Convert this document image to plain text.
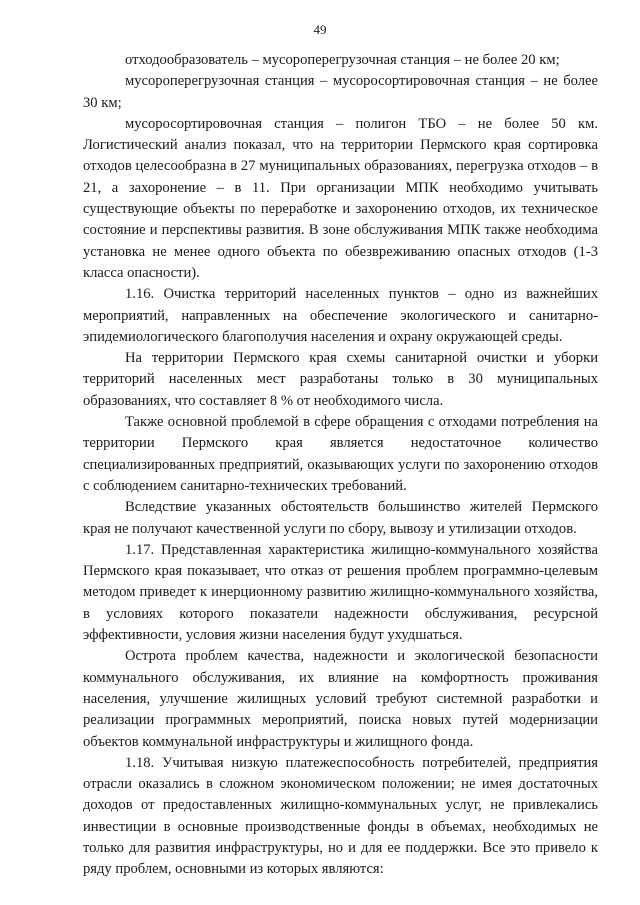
49

отходообразователь – мусороперегрузочная станция – не более 20 км;

мусороперегрузочная станция – мусоросортировочная станция – не более 30 км;

мусоросортировочная станция – полигон ТБО – не более 50 км. Логистический анализ показал, что на территории Пермского края сортировка отходов целесообразна в 27 муниципальных образованиях, перегрузка отходов – в 21, а захоронение – в 11. При организации МПК необходимо учитывать существующие объекты по переработке и захоронению отходов, их техническое состояние и перспективы развития. В зоне обслуживания МПК также необходима установка не менее одного объекта по обезвреживанию опасных отходов (1-3 класса опасности).

1.16. Очистка территорий населенных пунктов – одно из важнейших мероприятий, направленных на обеспечение экологического и санитарно-эпидемиологического благополучия населения и охрану окружающей среды.

На территории Пермского края схемы санитарной очистки и уборки территорий населенных мест разработаны только в 30 муниципальных образованиях, что составляет 8 % от необходимого числа.

Также основной проблемой в сфере обращения с отходами потребления на территории Пермского края является недостаточное количество специализированных предприятий, оказывающих услуги по захоронению отходов с соблюдением санитарно-технических требований.

Вследствие указанных обстоятельств большинство жителей Пермского края не получают качественной услуги по сбору, вывозу и утилизации отходов.

1.17. Представленная характеристика жилищно-коммунального хозяйства Пермского края показывает, что отказ от решения проблем программно-целевым методом приведет к инерционному развитию жилищно-коммунального хозяйства, в условиях которого показатели надежности обслуживания, ресурсной эффективности, условия жизни населения будут ухудшаться.

Острота проблем качества, надежности и экологической безопасности коммунального обслуживания, их влияние на комфортность проживания населения, улучшение жилищных условий требуют системной разработки и реализации программных мероприятий, поиска новых путей модернизации объектов коммунальной инфраструктуры и жилищного фонда.

1.18. Учитывая низкую платежеспособность потребителей, предприятия отрасли оказались в сложном экономическом положении; не имея достаточных доходов от предоставленных жилищно-коммунальных услуг, не привлекались инвестиции в основные производственные фонды в объемах, необходимых не только для развития инфраструктуры, но и для ее поддержки. Все это привело к ряду проблем, основными из которых являются:
